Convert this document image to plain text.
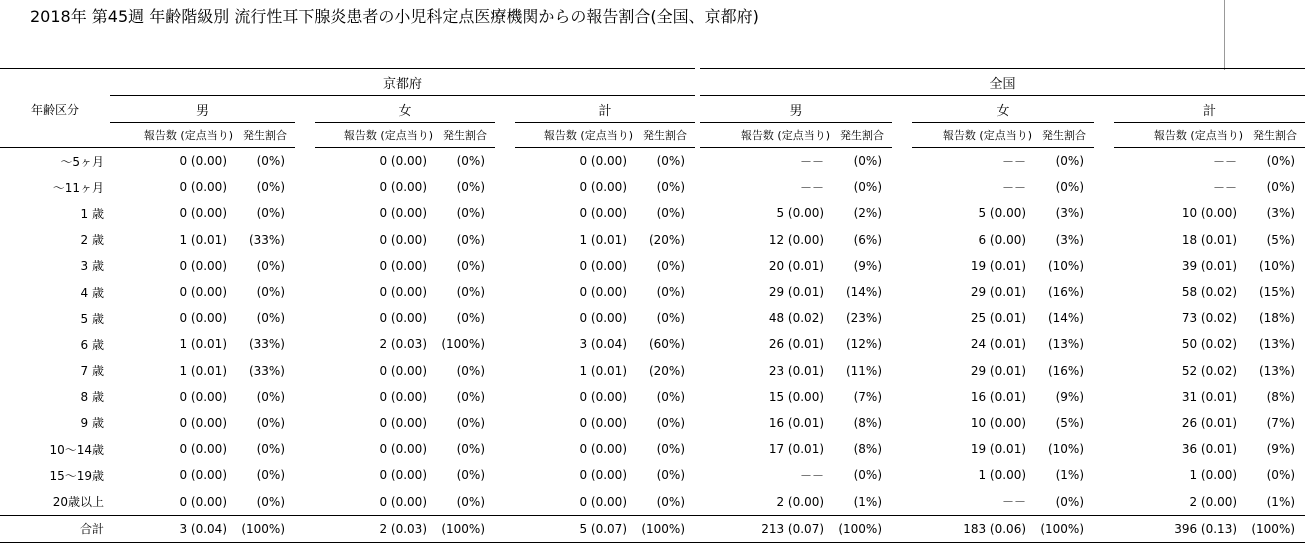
2018年 第45週 年齢階級別 流行性耳下腺炎患者の小児科定点医療機関からの報告割合(全国、京都府)
	京都府									全国							
年齢区分	男			女			計			男			女			計	
	報告数 (定点当り)	発生割合		報告数 (定点当り)	発生割合		報告数 (定点当り)	発生割合		報告数 (定点当り)	発生割合		報告数 (定点当り)	発生割合		報告数 (定点当り)	発生割合
～5ヶ月	0 (0.00)	(0%)		0 (0.00)	(0%)		0 (0.00)	(0%)		－－	(0%)		－－	(0%)		－－	(0%)
～11ヶ月	0 (0.00)	(0%)		0 (0.00)	(0%)		0 (0.00)	(0%)		－－	(0%)		－－	(0%)		－－	(0%)
1 歳	0 (0.00)	(0%)		0 (0.00)	(0%)		0 (0.00)	(0%)		5 (0.00)	(2%)		5 (0.00)	(3%)		10 (0.00)	(3%)
2 歳	1 (0.01)	(33%)		0 (0.00)	(0%)		1 (0.01)	(20%)		12 (0.00)	(6%)		6 (0.00)	(3%)		18 (0.01)	(5%)
3 歳	0 (0.00)	(0%)		0 (0.00)	(0%)		0 (0.00)	(0%)		20 (0.01)	(9%)		19 (0.01)	(10%)		39 (0.01)	(10%)
4 歳	0 (0.00)	(0%)		0 (0.00)	(0%)		0 (0.00)	(0%)		29 (0.01)	(14%)		29 (0.01)	(16%)		58 (0.02)	(15%)
5 歳	0 (0.00)	(0%)		0 (0.00)	(0%)		0 (0.00)	(0%)		48 (0.02)	(23%)		25 (0.01)	(14%)		73 (0.02)	(18%)
6 歳	1 (0.01)	(33%)		2 (0.03)	(100%)		3 (0.04)	(60%)		26 (0.01)	(12%)		24 (0.01)	(13%)		50 (0.02)	(13%)
7 歳	1 (0.01)	(33%)		0 (0.00)	(0%)		1 (0.01)	(20%)		23 (0.01)	(11%)		29 (0.01)	(16%)		52 (0.02)	(13%)
8 歳	0 (0.00)	(0%)		0 (0.00)	(0%)		0 (0.00)	(0%)		15 (0.00)	(7%)		16 (0.01)	(9%)		31 (0.01)	(8%)
9 歳	0 (0.00)	(0%)		0 (0.00)	(0%)		0 (0.00)	(0%)		16 (0.01)	(8%)		10 (0.00)	(5%)		26 (0.01)	(7%)
10～14歳	0 (0.00)	(0%)		0 (0.00)	(0%)		0 (0.00)	(0%)		17 (0.01)	(8%)		19 (0.01)	(10%)		36 (0.01)	(9%)
15～19歳	0 (0.00)	(0%)		0 (0.00)	(0%)		0 (0.00)	(0%)		－－	(0%)		1 (0.00)	(1%)		1 (0.00)	(0%)
20歳以上	0 (0.00)	(0%)		0 (0.00)	(0%)		0 (0.00)	(0%)		2 (0.00)	(1%)		－－	(0%)		2 (0.00)	(1%)
合計	3 (0.04)	(100%)		2 (0.03)	(100%)		5 (0.07)	(100%)		213 (0.07)	(100%)		183 (0.06)	(100%)		396 (0.13)	(100%)
